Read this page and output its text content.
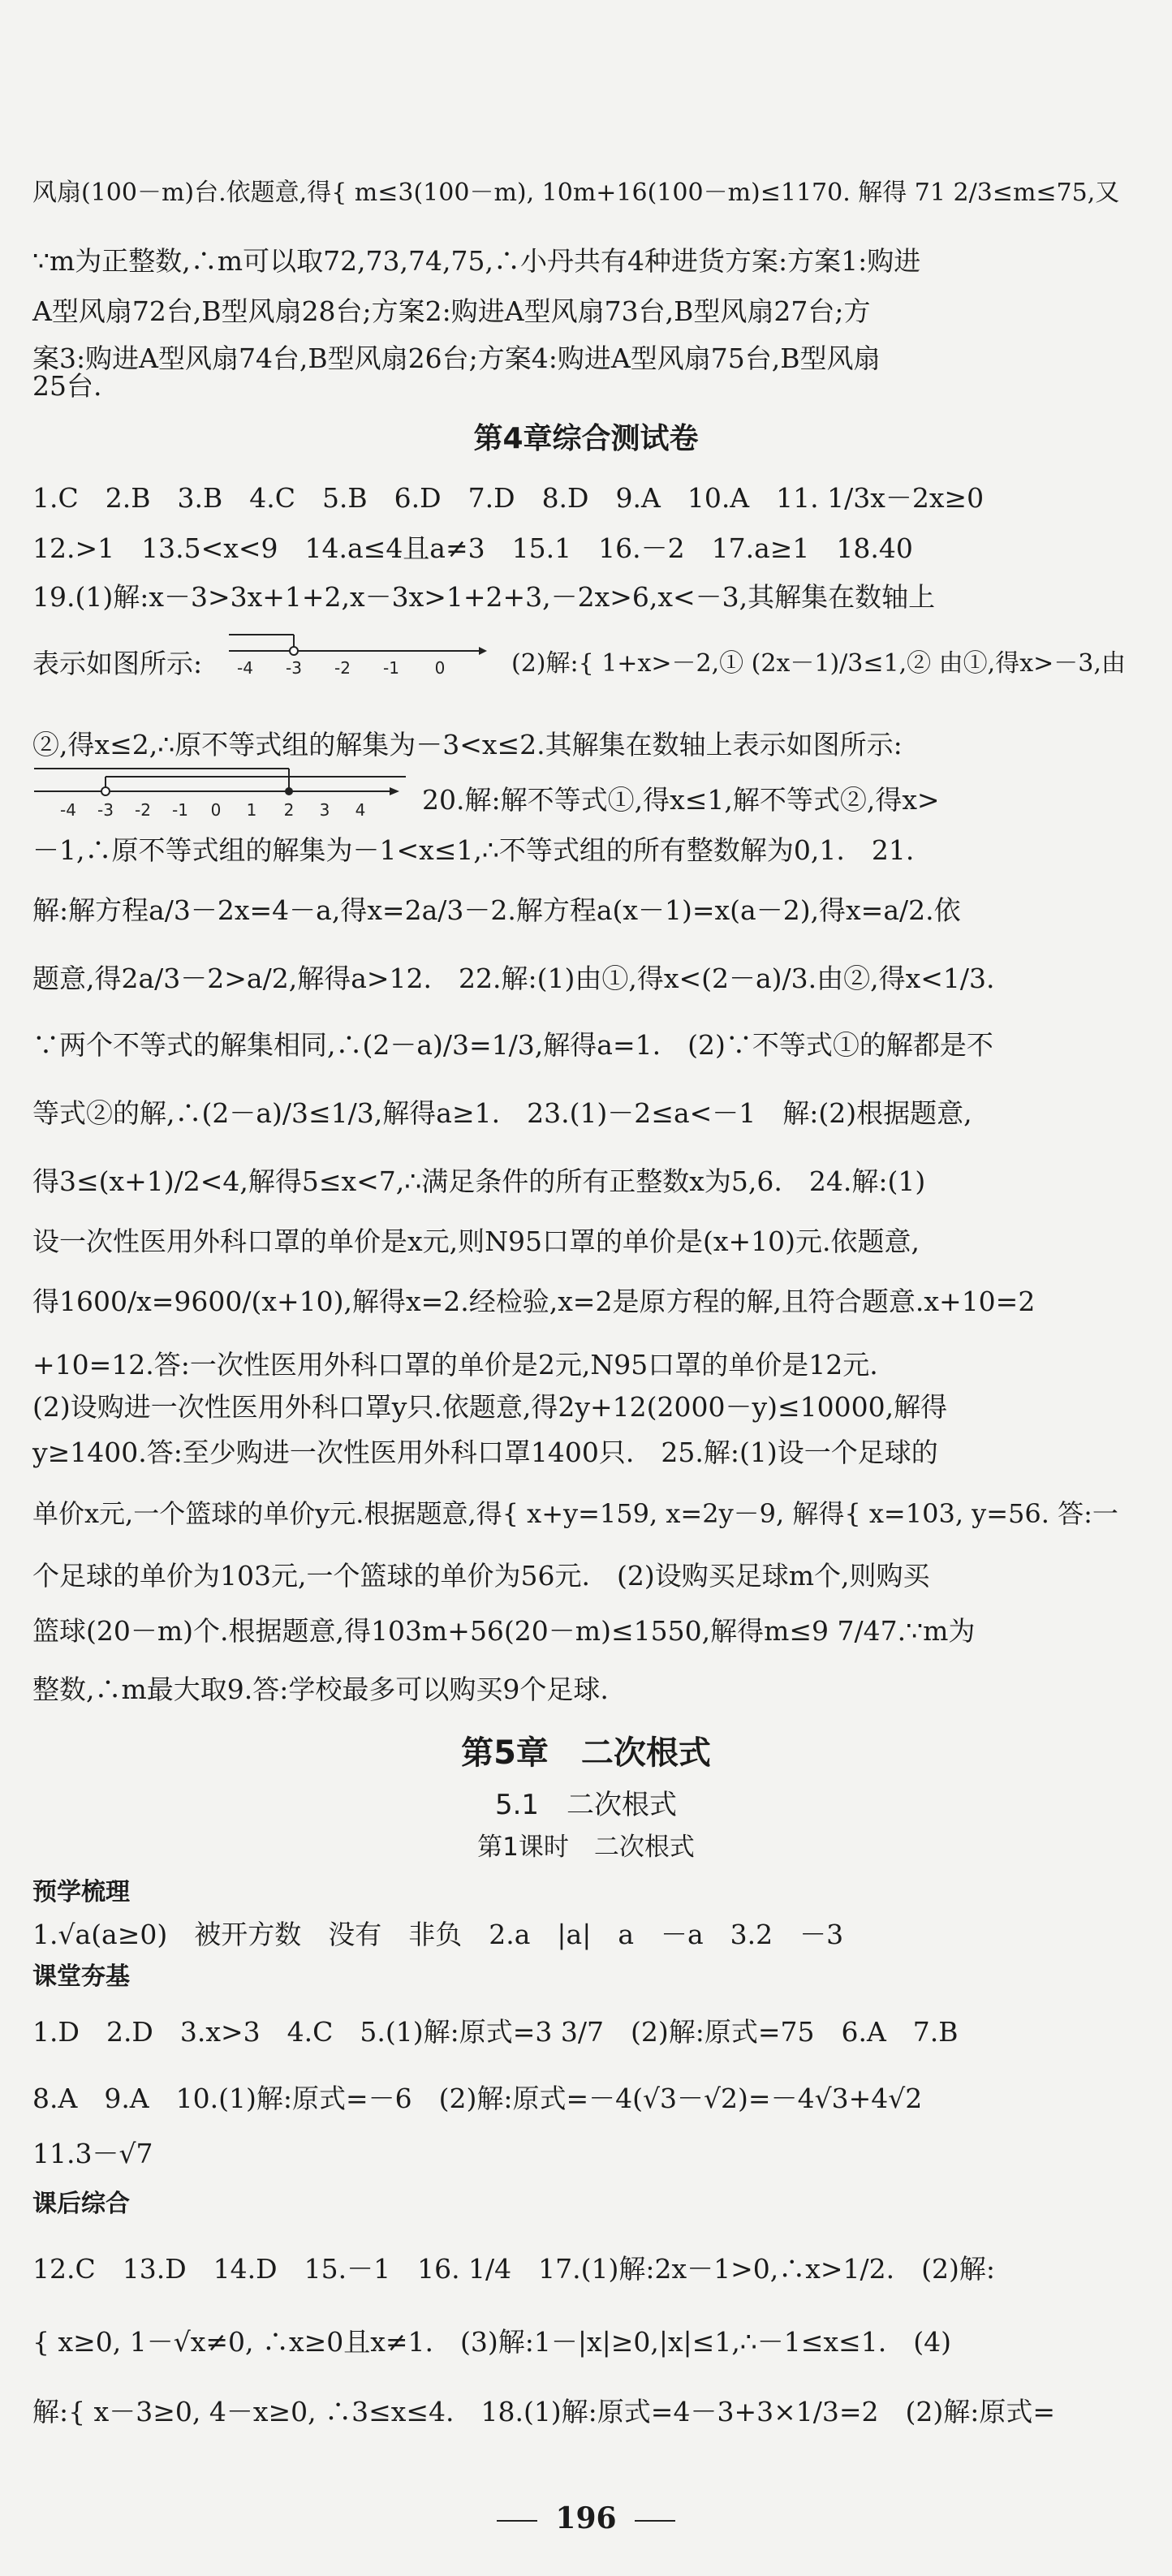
风扇(100－m)台.依题意,得{ m≤3(100－m), 10m+16(100－m)≤1170. 解得 71 2/3≤m≤75,又
∵m为正整数,∴m可以取72,73,74,75,∴小丹共有4种进货方案:方案1:购进
A型风扇72台,B型风扇28台;方案2:购进A型风扇73台,B型风扇27台;方
案3:购进A型风扇74台,B型风扇26台;方案4:购进A型风扇75台,B型风扇
25台.
第4章综合测试卷
1.C　2.B　3.B　4.C　5.B　6.D　7.D　8.D　9.A　10.A　11. 1/3x－2x≥0
12.>1　13.5<x<9　14.a≤4且a≠3　15.1　16.－2　17.a≥1　18.40
19.(1)解:x－3>3x+1+2,x－3x>1+2+3,－2x>6,x<－3,其解集在数轴上
表示如图所示:	-4 -3 -2 -1 0	(2)解:{ 1+x>－2,① (2x－1)/3≤1,② 由①,得x>－3,由
②,得x≤2,∴原不等式组的解集为－3<x≤2.其解集在数轴上表示如图所示:
-4 -3 -2 -1 0 1 2 3 4 20.解:解不等式①,得x≤1,解不等式②,得x>
－1,∴原不等式组的解集为－1<x≤1,∴不等式组的所有整数解为0,1.　21.
解:解方程a/3－2x=4－a,得x=2a/3－2.解方程a(x－1)=x(a－2),得x=a/2.依
题意,得2a/3－2>a/2,解得a>12.　22.解:(1)由①,得x<(2－a)/3.由②,得x<1/3.
∵两个不等式的解集相同,∴(2－a)/3=1/3,解得a=1.　(2)∵不等式①的解都是不
等式②的解,∴(2－a)/3≤1/3,解得a≥1.　23.(1)－2≤a<－1　解:(2)根据题意,
得3≤(x+1)/2<4,解得5≤x<7,∴满足条件的所有正整数x为5,6.　24.解:(1)
设一次性医用外科口罩的单价是x元,则N95口罩的单价是(x+10)元.依题意,
得1600/x=9600/(x+10),解得x=2.经检验,x=2是原方程的解,且符合题意.x+10=2
+10=12.答:一次性医用外科口罩的单价是2元,N95口罩的单价是12元.
(2)设购进一次性医用外科口罩y只.依题意,得2y+12(2000－y)≤10000,解得
y≥1400.答:至少购进一次性医用外科口罩1400只.　25.解:(1)设一个足球的
单价x元,一个篮球的单价y元.根据题意,得{ x+y=159, x=2y－9, 解得{ x=103, y=56. 答:一
个足球的单价为103元,一个篮球的单价为56元.　(2)设购买足球m个,则购买
篮球(20－m)个.根据题意,得103m+56(20－m)≤1550,解得m≤9 7/47.∵m为
整数,∴m最大取9.答:学校最多可以购买9个足球.
第5章　二次根式
5.1　二次根式
第1课时　二次根式
预学梳理
1.√a(a≥0)　被开方数　没有　非负　2.a　|a|　a　－a　3.2　－3
课堂夯基
1.D　2.D　3.x>3　4.C　5.(1)解:原式=3 3/7　(2)解:原式=75　6.A　7.B
8.A　9.A　10.(1)解:原式=－6　(2)解:原式=－4(√3－√2)=－4√3+4√2
11.3－√7
课后综合
12.C　13.D　14.D　15.－1　16. 1/4　17.(1)解:2x－1>0,∴x>1/2.　(2)解:
{ x≥0, 1－√x≠0, ∴x≥0且x≠1.　(3)解:1－|x|≥0,|x|≤1,∴－1≤x≤1.　(4)
解:{ x－3≥0, 4－x≥0, ∴3≤x≤4.　18.(1)解:原式=4－3+3×1/3=2　(2)解:原式=
196
